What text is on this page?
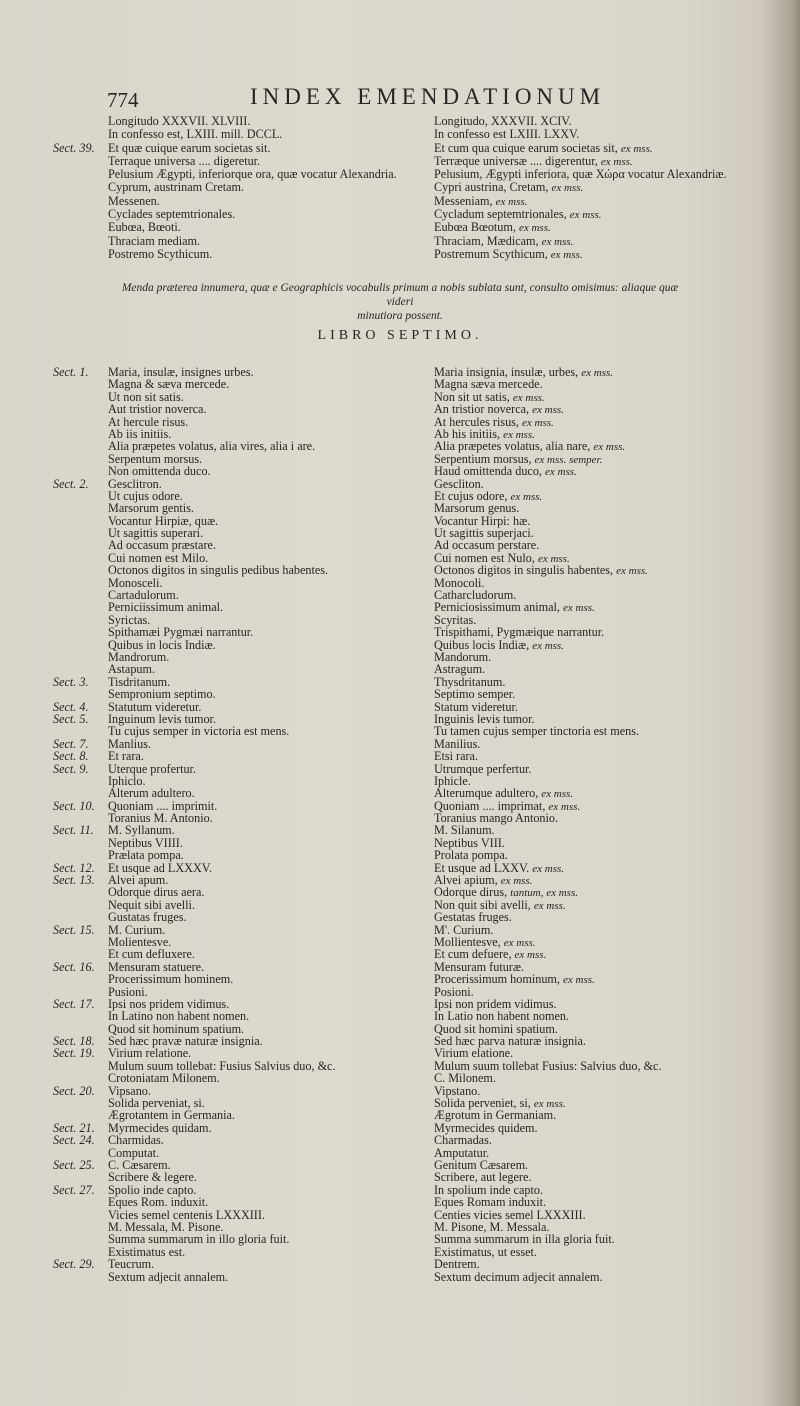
774	INDEX EMENDATIONUM
Longitudo XXXVII. XLVIII.	Longitudo, XXXVII. XCIV.
In confesso est, LXIII. mill. DCCL.	In confesso est LXIII. LXXV.
Sect. 39. Et quæ cuique earum societas sit.	Et cum qua cuique earum societas sit, ex mss.
Terraque universa .... digeretur.	Terræque universæ .... digerentur, ex mss.
Pelusium Ægypti, inferiorque ora, quæ vocatur Alexandria.	Pelusium, Ægypti inferiora, quæ Χώρα vocatur Alexandriæ.
Cyprum, austrinam Cretam.	Cypri austrina, Cretam, ex mss.
Messenen.	Messeniam, ex mss.
Cyclades septemtrionales.	Cycladum septemtrionales, ex mss.
Eubœa, Bœoti.	Eubœa Bœotum, ex mss.
Thraciam mediam.	Thraciam, Mædicam, ex mss.
Postremo Scythicum.	Postremum Scythicum, ex mss.
Menda præterea innumera, quæ e Geographicis vocabulis primum a nobis sublata sunt, consulto omisimus: aliaque quæ videri
minutiora possent.
LIBRO SEPTIMO.
Sect. 1. Maria, insulæ, insignes urbes.	Maria insignia, insulæ, urbes, ex mss.
Magna & sæva mercede.	Magna sæva mercede.
Ut non sit satis.	Non sit ut satis, ex mss.
Aut tristior noverca.	An tristior noverca, ex mss.
At hercule risus.	At hercules risus, ex mss.
Ab iis initiis.	Ab his initiis, ex mss.
Alia præpetes volatus, alia vires, alia i are.	Alia præpetes volatus, alia nare, ex mss.
Serpentum morsus.	Serpentium morsus, ex mss. semper.
Non omittenda duco.	Haud omittenda duco, ex mss.
Sect. 2. Gesclitron.	Gescliton.
Ut cujus odore.	Et cujus odore, ex mss.
Marsorum gentis.	Marsorum genus.
Vocantur Hirpiæ, quæ.	Vocantur Hirpi: hæ.
Ut sagittis superari.	Ut sagittis superjaci.
Ad occasum præstare.	Ad occasum perstare.
Cui nomen est Milo.	Cui nomen est Nulo, ex mss.
Octonos digitos in singulis pedibus habentes.	Octonos digitos in singulis habentes, ex mss.
Monosceli.	Monocoli.
Cartadulorum.	Catharcludorum.
Perniciissimum animal.	Perniciosissimum animal, ex mss.
Syrictas.	Scyritas.
Spithamæi Pygmæi narrantur.	Trispithami, Pygmæique narrantur.
Quibus in locis Indiæ.	Quibus locis Indiæ, ex mss.
Mandrorum.	Mandorum.
Astapum.	Astragum.
Sect. 3. Tisdritanum.	Thysdritanum.
Sempronium septimo.	Septimo semper.
Sect. 4. Statutum videretur.	Statum videretur.
Sect. 5. Inguinum levis tumor.	Inguinis levis tumor.
Tu cujus semper in victoria est mens.	Tu tamen cujus semper tinctoria est mens.
Sect. 7. Manlius.	Manilius.
Sect. 8. Et rara.	Etsi rara.
Sect. 9. Uterque profertur.	Utrumque perfertur.
Iphiclo.	Iphicle.
Alterum adultero.	Alterumque adultero, ex mss.
Sect. 10. Quoniam .... imprimit.	Quoniam .... imprimat, ex mss.
Toranius M. Antonio.	Toranius mango Antonio.
Sect. 11. M. Syllanum.	M. Silanum.
Neptibus VIIII.	Neptibus VIII.
Prælata pompa.	Prolata pompa.
Sect. 12. Et usque ad LXXXV.	Et usque ad LXXV. ex mss.
Sect. 13. Alvei apum.	Alvei apium, ex mss.
Odorque dirus aera.	Odorque dirus, tantum, ex mss.
Nequit sibi avelli.	Non quit sibi avelli, ex mss.
Gustatas fruges.	Gestatas fruges.
Sect. 15. M. Curium.	M'. Curium.
Molientesve.	Mollientesve, ex mss.
Et cum defluxere.	Et cum defuere, ex mss.
Sect. 16. Mensuram statuere.	Mensuram futuræ.
Procerissimum hominem.	Procerissimum hominum, ex mss.
Pusioni.	Posioni.
Sect. 17. Ipsi nos pridem vidimus.	Ipsi non pridem vidimus.
In Latino non habent nomen.	In Latio non habent nomen.
Quod sit hominum spatium.	Quod sit homini spatium.
Sect. 18. Sed hæc pravæ naturæ insignia.	Sed hæc parva naturæ insignia.
Sect. 19. Virium relatione.	Virium elatione.
Mulum suum tollebat: Fusius Salvius duo, &c.	Mulum suum tollebat Fusius: Salvius duo, &c.
Crotoniatam Milonem.	C. Milonem.
Sect. 20. Vipsano.	Vipstano.
Solida perveniat, si.	Solida perveniet, si, ex mss.
Ægrotantem in Germania.	Ægrotum in Germaniam.
Sect. 21. Myrmecides quidam.	Myrmecides quidem.
Sect. 24. Charmidas.	Charmadas.
Computat.	Amputatur.
Sect. 25. C. Cæsarem.	Genitum Cæsarem.
Scribere & legere.	Scribere, aut legere.
Sect. 27. Spolio inde capto.	In spolium inde capto.
Eques Rom. induxit.	Eques Romam induxit.
Vicies semel centenis LXXXIII.	Centies vicies semel LXXXIII.
M. Messala, M. Pisone.	M. Pisone, M. Messala.
Summa summarum in illo gloria fuit.	Summa summarum in illa gloria fuit.
Existimatus est.	Existimatus, ut esset.
Sect. 29. Teucrum.	Dentrem.
Sextum adjecit annalem.	Sextum decimum adjecit annalem.
